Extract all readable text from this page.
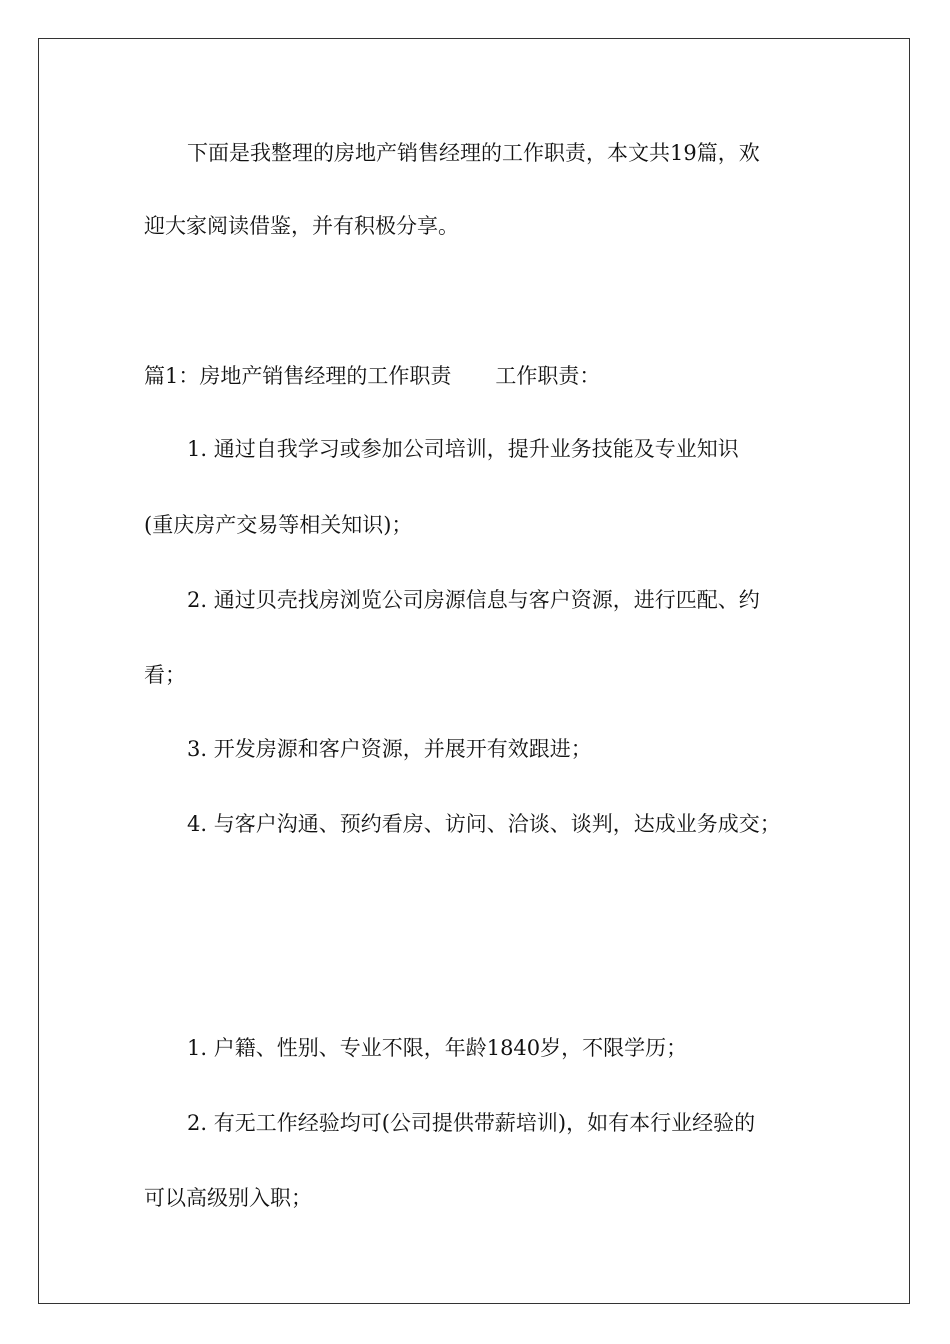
下面是我整理的房地产销售经理的工作职责，本文共19篇，欢
迎大家阅读借鉴，并有积极分享。
篇1：房地产销售经理的工作职责 工作职责：
1. 通过自我学习或参加公司培训，提升业务技能及专业知识
(重庆房产交易等相关知识)；
2. 通过贝壳找房浏览公司房源信息与客户资源，进行匹配、约
看；
3. 开发房源和客户资源，并展开有效跟进；
4. 与客户沟通、预约看房、访问、洽谈、谈判，达成业务成交；
1. 户籍、性别、专业不限，年龄1840岁，不限学历；
2. 有无工作经验均可(公司提供带薪培训)，如有本行业经验的
可以高级别入职；
